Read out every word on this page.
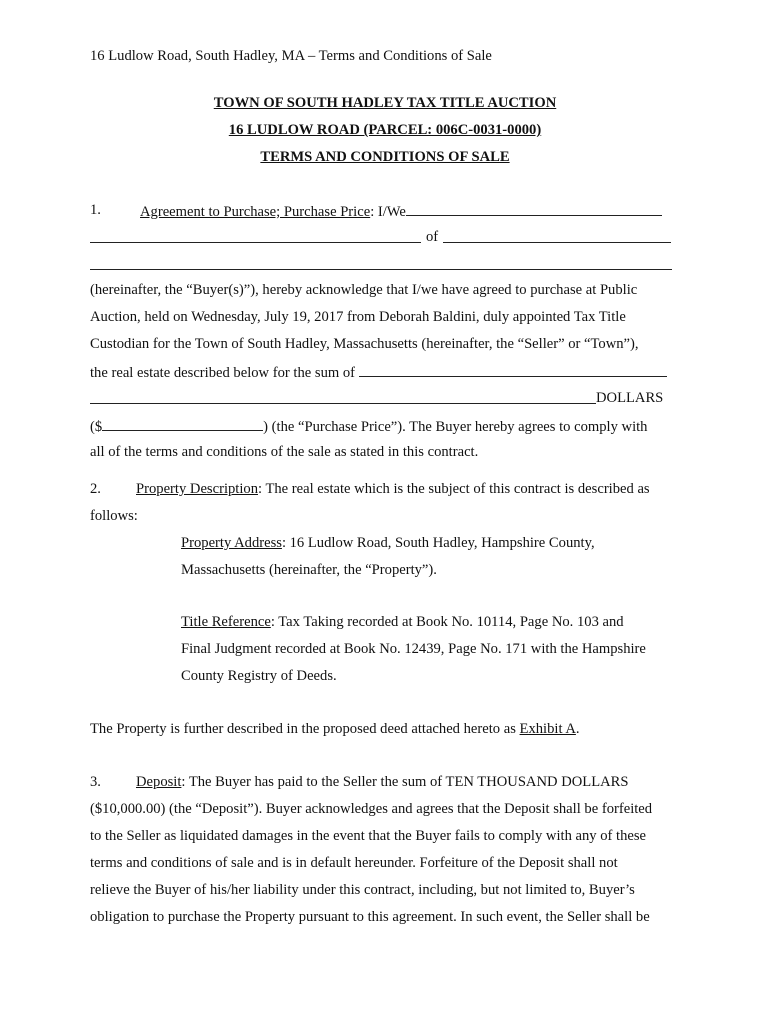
16 Ludlow Road, South Hadley, MA – Terms and Conditions of Sale
TOWN OF SOUTH HADLEY TAX TITLE AUCTION
16 LUDLOW ROAD (PARCEL: 006C-0031-0000)
TERMS AND CONDITIONS OF SALE
1.	Agreement to Purchase; Purchase Price: I/We
of
(hereinafter, the “Buyer(s)”), hereby acknowledge that I/we have agreed to purchase at Public
Auction, held on Wednesday, July 19, 2017 from Deborah Baldini, duly appointed Tax Title
Custodian for the Town of South Hadley, Massachusetts (hereinafter, the “Seller” or “Town”),
the real estate described below for the sum of
DOLLARS
($	) (the “Purchase Price”). The Buyer hereby agrees to comply with
all of the terms and conditions of the sale as stated in this contract.
2. Property Description: The real estate which is the subject of this contract is described as
follows:
Property Address: 16 Ludlow Road, South Hadley, Hampshire County,
Massachusetts (hereinafter, the “Property”).
Title Reference: Tax Taking recorded at Book No. 10114, Page No. 103 and
Final Judgment recorded at Book No. 12439, Page No. 171 with the Hampshire
County Registry of Deeds.
The Property is further described in the proposed deed attached hereto as Exhibit A.
3. Deposit: The Buyer has paid to the Seller the sum of TEN THOUSAND DOLLARS
($10,000.00) (the “Deposit”). Buyer acknowledges and agrees that the Deposit shall be forfeited
to the Seller as liquidated damages in the event that the Buyer fails to comply with any of these
terms and conditions of sale and is in default hereunder. Forfeiture of the Deposit shall not
relieve the Buyer of his/her liability under this contract, including, but not limited to, Buyer’s
obligation to purchase the Property pursuant to this agreement. In such event, the Seller shall be
